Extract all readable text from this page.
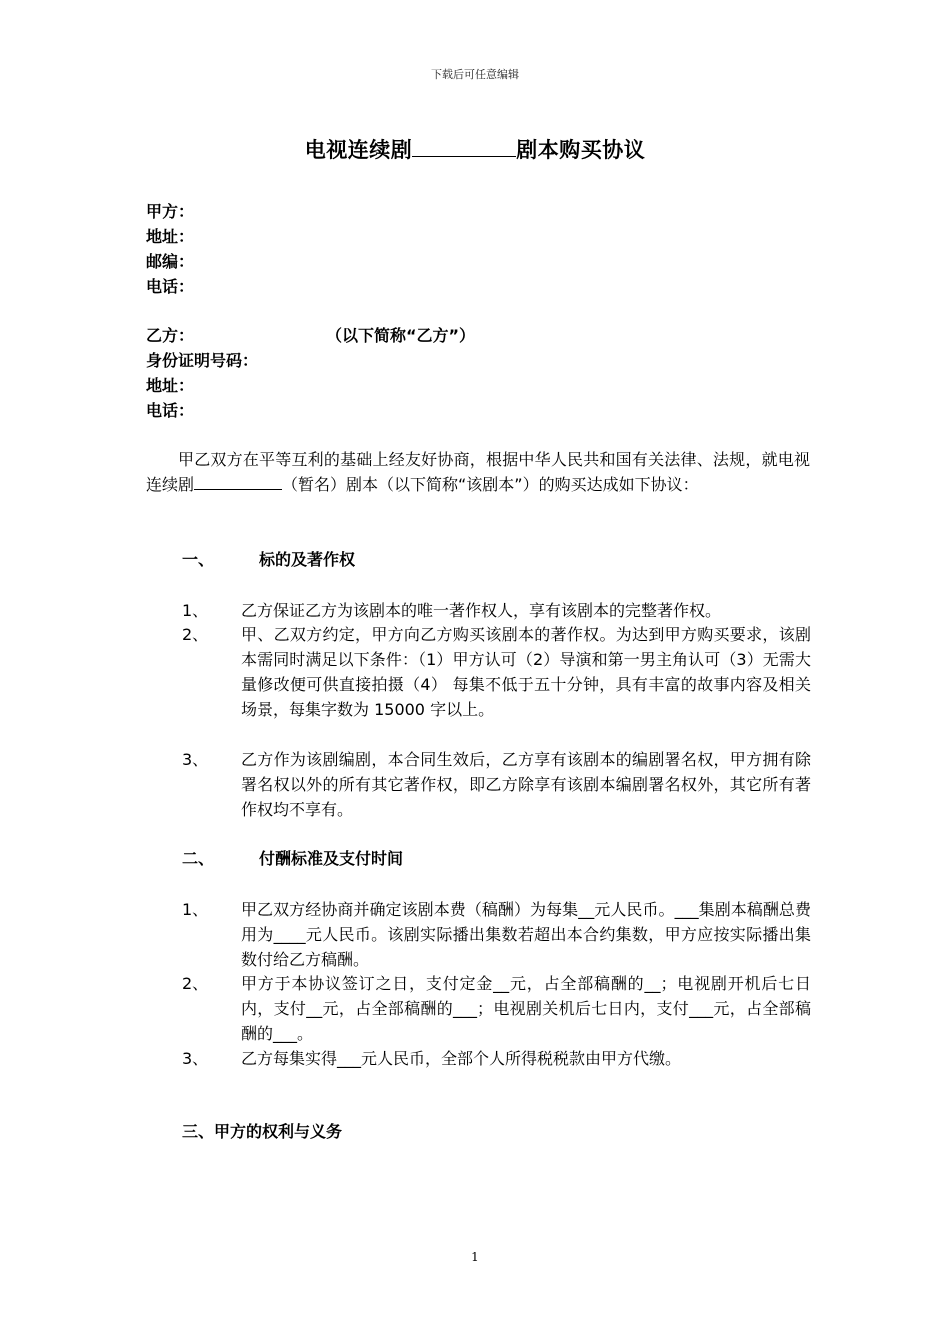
下载后可任意编辑
电视连续剧	剧本购买协议
甲方：
地址：
邮编：
电话：
乙方：	（以下简称“乙方”）
身份证明号码：
地址：
电话：
甲乙双方在平等互利的基础上经友好协商，根据中华人民共和国有关法律、法规，就电视连续剧	（暂名）剧本（以下简称“该剧本”）的购买达成如下协议：
一、	标的及著作权
1、	乙方保证乙方为该剧本的唯一著作权人，享有该剧本的完整著作权。
2、	甲、乙双方约定，甲方向乙方购买该剧本的著作权。为达到甲方购买要求，该剧本需同时满足以下条件：（1）甲方认可（2）导演和第一男主角认可（3）无需大量修改便可供直接拍摄（4） 每集不低于五十分钟，具有丰富的故事内容及相关场景，每集字数为 15000 字以上。
3、	乙方作为该剧编剧，本合同生效后，乙方享有该剧本的编剧署名权，甲方拥有除署名权以外的所有其它著作权，即乙方除享有该剧本编剧署名权外，其它所有著作权均不享有。
二、	付酬标准及支付时间
1、	甲乙双方经协商并确定该剧本费（稿酬）为每集__元人民币。___集剧本稿酬总费用为____元人民币。该剧实际播出集数若超出本合约集数，甲方应按实际播出集数付给乙方稿酬。
2、	甲方于本协议签订之日，支付定金__元，占全部稿酬的__；电视剧开机后七日内，支付__元，占全部稿酬的___；电视剧关机后七日内，支付___元，占全部稿酬的___。
3、	乙方每集实得___元人民币，全部个人所得税税款由甲方代缴。
三、甲方的权利与义务
1
